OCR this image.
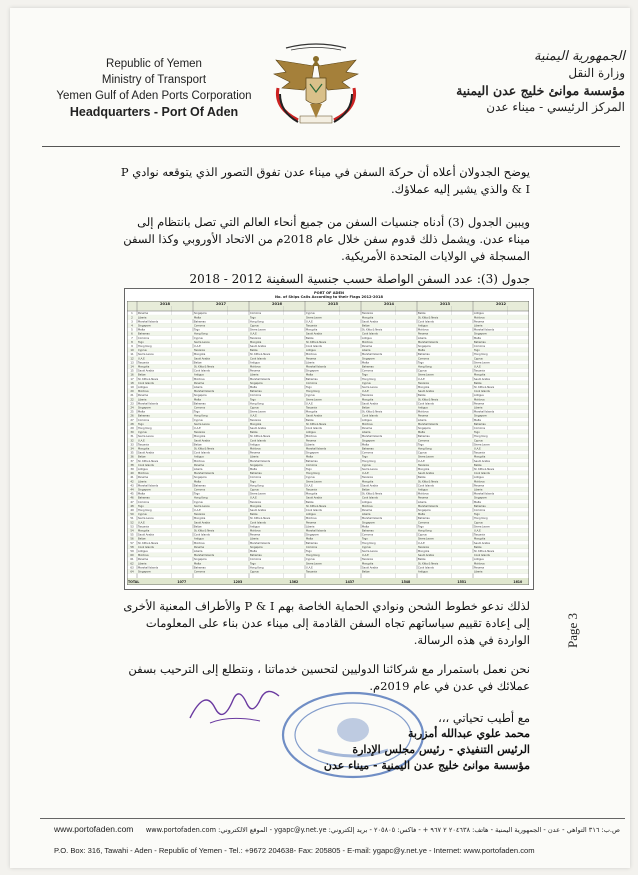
Republic of Yemen
Ministry of Transport
Yemen Gulf of Aden Ports Corporation
Headquarters - Port Of Aden
الجمهورية اليمنية
وزارة النقل
مؤسسة موانئ خليج عدن اليمنية
المركز الرئيسي - ميناء عدن
يوضح الجدولان أعلاه أن حركة السفن في ميناء عدن تفوق التصور الذي يتوقعه نوادي P & I والذي يشير إليه عملاؤك.
ويبين الجدول (3) أدناه جنسيات السفن من جميع أنحاء العالم التي تصل بانتظام إلى ميناء عدن. ويشمل ذلك قدوم سفن خلال عام 2018م من الاتحاد الأوروبي وكذا السفن المسجلة في الولايات المتحدة الأمريكية.
جدول (3): عدد السفن الواصلة حسب جنسية السفينة 2012 - 2018
PORT OF ADEN
No. of Ships Calls According to their Flags 2012-2018
2018	2017	2016	2015	2014	2013	2012
1 Panama	Singapore	Comoros	Cyprus	Tanzania	Belize	Antigua
2 Liberia	Malta	Togo	Sierra Leone	Mongolia	St. Kitts & Nevis	Moldova
3 Marshall Islands	Bahamas	Hong Kong	U.A.E	Saudi Arabia	Cook Islands	Panama
4 Singapore	Comoros	Cyprus	Tanzania	Belize	Antigua	Liberia
5 Malta	Togo	Sierra Leone	Mongolia	St. Kitts & Nevis	Moldova	Marshall Islands
6 Bahamas	Hong Kong	U.A.E	Saudi Arabia	Cook Islands	Panama	Singapore
7 Comoros	Cyprus	Tanzania	Belize	Antigua	Liberia	Malta
8 Togo	Sierra Leone	Mongolia	St. Kitts & Nevis	Moldova	Marshall Islands	Bahamas
9 Hong Kong	U.A.E	Saudi Arabia	Cook Islands	Panama	Singapore	Comoros
10 Cyprus	Tanzania	Belize	Antigua	Liberia	Malta	Togo
11 Sierra Leone	Mongolia	St. Kitts & Nevis	Moldova	Marshall Islands	Bahamas	Hong Kong
12 U.A.E	Saudi Arabia	Cook Islands	Panama	Singapore	Comoros	Cyprus
13 Tanzania	Belize	Antigua	Liberia	Malta	Togo	Sierra Leone
14 Mongolia	St. Kitts & Nevis	Moldova	Marshall Islands	Bahamas	Hong Kong	U.A.E
15 Saudi Arabia	Cook Islands	Panama	Singapore	Comoros	Cyprus	Tanzania
16 Belize	Antigua	Liberia	Malta	Togo	Sierra Leone	Mongolia
17 St. Kitts & Nevis	Moldova	Marshall Islands	Bahamas	Hong Kong	U.A.E	Saudi Arabia
18 Cook Islands	Panama	Singapore	Comoros	Cyprus	Tanzania	Belize
19 Antigua	Liberia	Malta	Togo	Sierra Leone	Mongolia	St. Kitts & Nevis
20 Moldova	Marshall Islands	Bahamas	Hong Kong	U.A.E	Saudi Arabia	Cook Islands
21 Panama	Singapore	Comoros	Cyprus	Tanzania	Belize	Antigua
22 Liberia	Malta	Togo	Sierra Leone	Mongolia	St. Kitts & Nevis	Moldova
23 Marshall Islands	Bahamas	Hong Kong	U.A.E	Saudi Arabia	Cook Islands	Panama
24 Singapore	Comoros	Cyprus	Tanzania	Belize	Antigua	Liberia
25 Malta	Togo	Sierra Leone	Mongolia	St. Kitts & Nevis	Moldova	Marshall Islands
26 Bahamas	Hong Kong	U.A.E	Saudi Arabia	Cook Islands	Panama	Singapore
27 Comoros	Cyprus	Tanzania	Belize	Antigua	Liberia	Malta
28 Togo	Sierra Leone	Mongolia	St. Kitts & Nevis	Moldova	Marshall Islands	Bahamas
29 Hong Kong	U.A.E	Saudi Arabia	Cook Islands	Panama	Singapore	Comoros
30 Cyprus	Tanzania	Belize	Antigua	Liberia	Malta	Togo
31 Sierra Leone	Mongolia	St. Kitts & Nevis	Moldova	Marshall Islands	Bahamas	Hong Kong
32 U.A.E	Saudi Arabia	Cook Islands	Panama	Singapore	Comoros	Cyprus
33 Tanzania	Belize	Antigua	Liberia	Malta	Togo	Sierra Leone
34 Mongolia	St. Kitts & Nevis	Moldova	Marshall Islands	Bahamas	Hong Kong	U.A.E
35 Saudi Arabia	Cook Islands	Panama	Singapore	Comoros	Cyprus	Tanzania
36 Belize	Antigua	Liberia	Malta	Togo	Sierra Leone	Mongolia
37 St. Kitts & Nevis	Moldova	Marshall Islands	Bahamas	Hong Kong	U.A.E	Saudi Arabia
38 Cook Islands	Panama	Singapore	Comoros	Cyprus	Tanzania	Belize
39 Antigua	Liberia	Malta	Togo	Sierra Leone	Mongolia	St. Kitts & Nevis
40 Moldova	Marshall Islands	Bahamas	Hong Kong	U.A.E	Saudi Arabia	Cook Islands
41 Panama	Singapore	Comoros	Cyprus	Tanzania	Belize	Antigua
42 Liberia	Malta	Togo	Sierra Leone	Mongolia	St. Kitts & Nevis	Moldova
43 Marshall Islands	Bahamas	Hong Kong	U.A.E	Saudi Arabia	Cook Islands	Panama
44 Singapore	Comoros	Cyprus	Tanzania	Belize	Antigua	Liberia
45 Malta	Togo	Sierra Leone	Mongolia	St. Kitts & Nevis	Moldova	Marshall Islands
46 Bahamas	Hong Kong	U.A.E	Saudi Arabia	Cook Islands	Panama	Singapore
47 Comoros	Cyprus	Tanzania	Belize	Antigua	Liberia	Malta
48 Togo	Sierra Leone	Mongolia	St. Kitts & Nevis	Moldova	Marshall Islands	Bahamas
49 Hong Kong	U.A.E	Saudi Arabia	Cook Islands	Panama	Singapore	Comoros
50 Cyprus	Tanzania	Belize	Antigua	Liberia	Malta	Togo
51 Sierra Leone	Mongolia	St. Kitts & Nevis	Moldova	Marshall Islands	Bahamas	Hong Kong
52 U.A.E	Saudi Arabia	Cook Islands	Panama	Singapore	Comoros	Cyprus
53 Tanzania	Belize	Antigua	Liberia	Malta	Togo	Sierra Leone
54 Mongolia	St. Kitts & Nevis	Moldova	Marshall Islands	Bahamas	Hong Kong	U.A.E
55 Saudi Arabia	Cook Islands	Panama	Singapore	Comoros	Cyprus	Tanzania
56 Belize	Antigua	Liberia	Malta	Togo	Sierra Leone	Mongolia
57 St. Kitts & Nevis	Moldova	Marshall Islands	Bahamas	Hong Kong	U.A.E	Saudi Arabia
58 Cook Islands	Panama	Singapore	Comoros	Cyprus	Tanzania	Belize
59 Antigua	Liberia	Malta	Togo	Sierra Leone	Mongolia	St. Kitts & Nevis
60 Moldova	Marshall Islands	Bahamas	Hong Kong	U.A.E	Saudi Arabia	Cook Islands
61 Panama	Singapore	Comoros	Cyprus	Tanzania	Belize	Antigua
62 Liberia	Malta	Togo	Sierra Leone	Mongolia	St. Kitts & Nevis	Moldova
63 Marshall Islands	Bahamas	Hong Kong	U.A.E	Saudi Arabia	Cook Islands	Panama
64 Singapore	Comoros	Cyprus	Tanzania	Belize	Antigua	Liberia
TOTAL	1077	1203	1362	1437	1548	1551	1610
لذلك ندعو خطوط الشحن ونوادي الحماية الخاصة بهم P & I والأطراف المعنية الأخرى إلى إعادة تقييم سياساتهم تجاه السفن القادمة إلى ميناء عدن بناء على المعلومات الواردة في هذه الرسالة.
نحن نعمل باستمرار مع شركائنا الدوليين لتحسين خدماتنا ، ونتطلع إلى الترحيب بسفن عملائك في عدن في عام 2019م.
مع أطيب تحياتي ،،،
محمد علوي عبدالله أمزربة
الرئيس التنفيذي - رئيس مجلس الإدارة
مؤسسة موانئ خليج عدن اليمنية - ميناء عدن
Page 3
www.portofaden.com ص.ب: ٣١٦ التواهي - عدن - الجمهورية اليمنية - هاتف: ٢٠٤٦٣٨ ٢ ٩٦٧ + - فاكس: ٢٠٥٨٠٥ - بريد إلكتروني: ygapc@y.net.ye - الموقع الالكتروني: www.portofaden.com
P.O. Box: 316, Tawahi - Aden - Republic of Yemen - Tel.: +9672 204638- Fax: 205805 - E-mail: ygapc@y.net.ye - Internet: www.portofaden.com
